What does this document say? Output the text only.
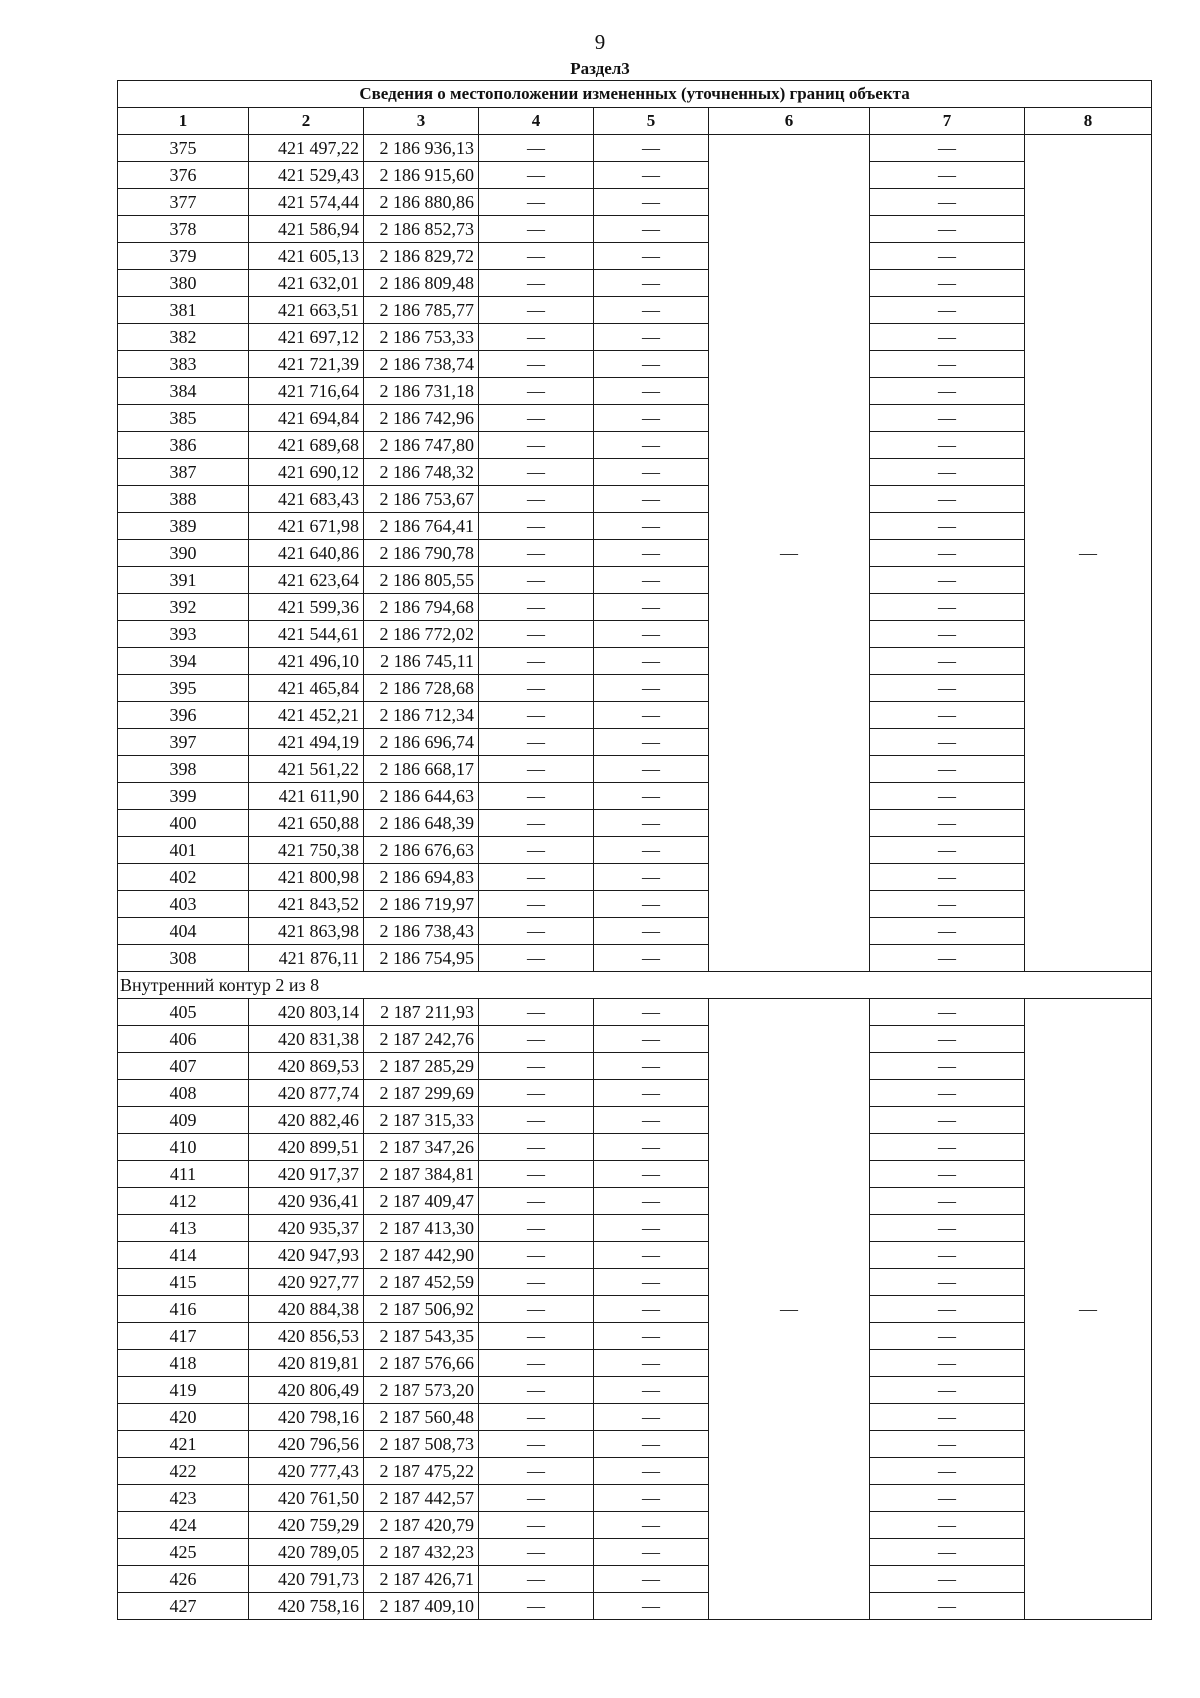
9
Раздел3
Сведения о местоположении измененных (уточненных) границ объекта							
1	2	3	4	5	6	7	8
375	421 497,22	2 186 936,13	—	—	—	—	—
376	421 529,43	2 186 915,60	—	—		—	
377	421 574,44	2 186 880,86	—	—		—	
378	421 586,94	2 186 852,73	—	—		—	
379	421 605,13	2 186 829,72	—	—		—	
380	421 632,01	2 186 809,48	—	—		—	
381	421 663,51	2 186 785,77	—	—		—	
382	421 697,12	2 186 753,33	—	—		—	
383	421 721,39	2 186 738,74	—	—		—	
384	421 716,64	2 186 731,18	—	—		—	
385	421 694,84	2 186 742,96	—	—		—	
386	421 689,68	2 186 747,80	—	—		—	
387	421 690,12	2 186 748,32	—	—		—	
388	421 683,43	2 186 753,67	—	—		—	
389	421 671,98	2 186 764,41	—	—		—	
390	421 640,86	2 186 790,78	—	—		—	
391	421 623,64	2 186 805,55	—	—		—	
392	421 599,36	2 186 794,68	—	—		—	
393	421 544,61	2 186 772,02	—	—		—	
394	421 496,10	2 186 745,11	—	—		—	
395	421 465,84	2 186 728,68	—	—		—	
396	421 452,21	2 186 712,34	—	—		—	
397	421 494,19	2 186 696,74	—	—		—	
398	421 561,22	2 186 668,17	—	—		—	
399	421 611,90	2 186 644,63	—	—		—	
400	421 650,88	2 186 648,39	—	—		—	
401	421 750,38	2 186 676,63	—	—		—	
402	421 800,98	2 186 694,83	—	—		—	
403	421 843,52	2 186 719,97	—	—		—	
404	421 863,98	2 186 738,43	—	—		—	
308	421 876,11	2 186 754,95	—	—		—	
Внутренний контур 2 из 8							
405	420 803,14	2 187 211,93	—	—	—	—	—
406	420 831,38	2 187 242,76	—	—		—	
407	420 869,53	2 187 285,29	—	—		—	
408	420 877,74	2 187 299,69	—	—		—	
409	420 882,46	2 187 315,33	—	—		—	
410	420 899,51	2 187 347,26	—	—		—	
411	420 917,37	2 187 384,81	—	—		—	
412	420 936,41	2 187 409,47	—	—		—	
413	420 935,37	2 187 413,30	—	—		—	
414	420 947,93	2 187 442,90	—	—		—	
415	420 927,77	2 187 452,59	—	—		—	
416	420 884,38	2 187 506,92	—	—		—	
417	420 856,53	2 187 543,35	—	—		—	
418	420 819,81	2 187 576,66	—	—		—	
419	420 806,49	2 187 573,20	—	—		—	
420	420 798,16	2 187 560,48	—	—		—	
421	420 796,56	2 187 508,73	—	—		—	
422	420 777,43	2 187 475,22	—	—		—	
423	420 761,50	2 187 442,57	—	—		—	
424	420 759,29	2 187 420,79	—	—		—	
425	420 789,05	2 187 432,23	—	—		—	
426	420 791,73	2 187 426,71	—	—		—	
427	420 758,16	2 187 409,10	—	—		—	
